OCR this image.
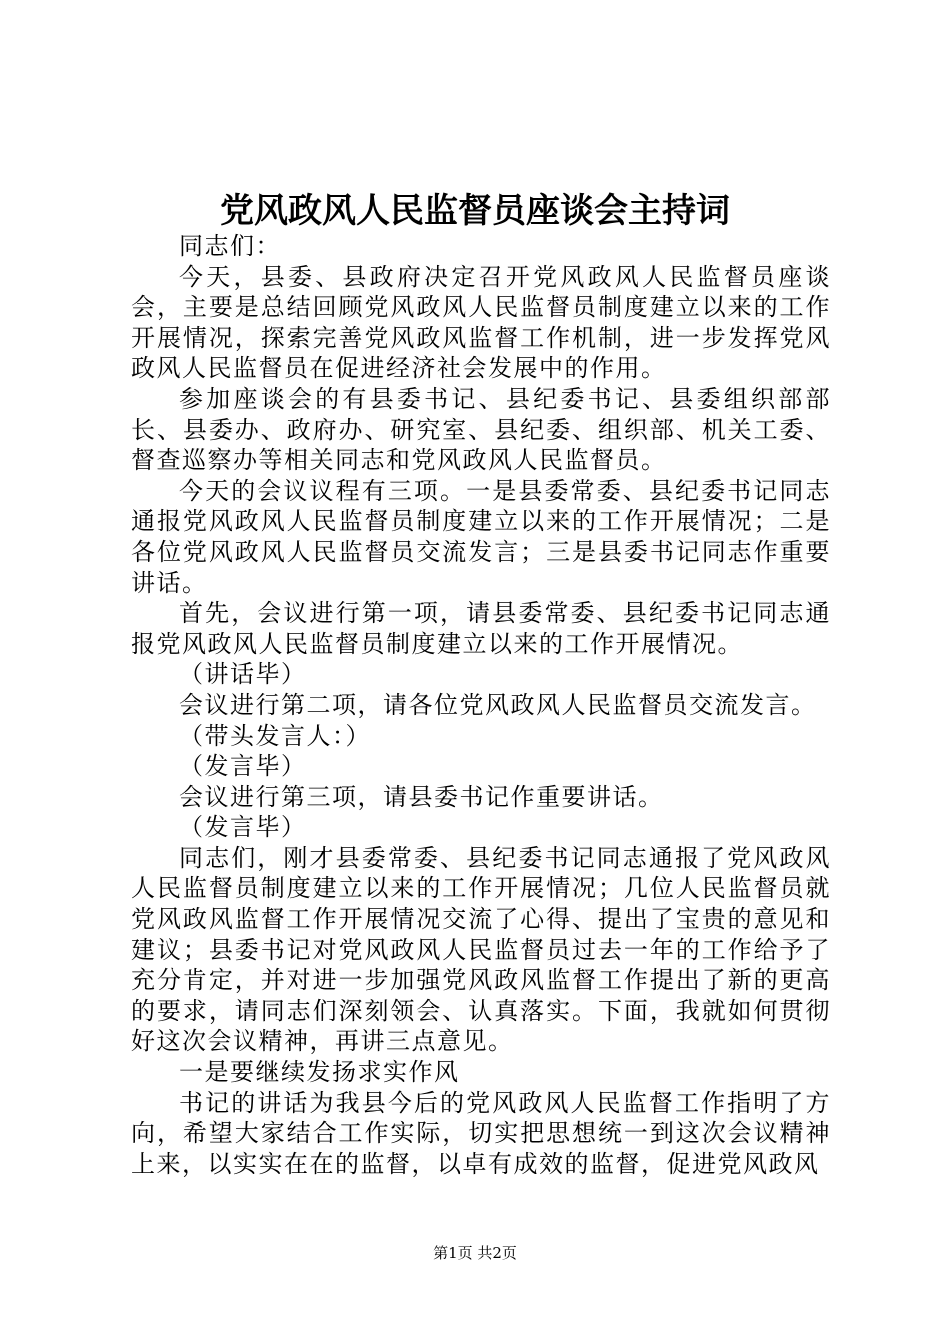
党风政风人民监督员座谈会主持词

同志们：

今天，县委、县政府决定召开党风政风人民监督员座谈会，主要是总结回顾党风政风人民监督员制度建立以来的工作开展情况，探索完善党风政风监督工作机制，进一步发挥党风政风人民监督员在促进经济社会发展中的作用。

参加座谈会的有县委书记、县纪委书记、县委组织部部长、县委办、政府办、研究室、县纪委、组织部、机关工委、督查巡察办等相关同志和党风政风人民监督员。

今天的会议议程有三项。一是县委常委、县纪委书记同志通报党风政风人民监督员制度建立以来的工作开展情况；二是各位党风政风人民监督员交流发言；三是县委书记同志作重要讲话。

首先，会议进行第一项，请县委常委、县纪委书记同志通报党风政风人民监督员制度建立以来的工作开展情况。

（讲话毕）

会议进行第二项，请各位党风政风人民监督员交流发言。

（带头发言人：）

（发言毕）

会议进行第三项，请县委书记作重要讲话。

（发言毕）

同志们，刚才县委常委、县纪委书记同志通报了党风政风人民监督员制度建立以来的工作开展情况；几位人民监督员就党风政风监督工作开展情况交流了心得、提出了宝贵的意见和建议；县委书记对党风政风人民监督员过去一年的工作给予了充分肯定，并对进一步加强党风政风监督工作提出了新的更高的要求，请同志们深刻领会、认真落实。下面，我就如何贯彻好这次会议精神，再讲三点意见。

一是要继续发扬求实作风

书记的讲话为我县今后的党风政风人民监督工作指明了方向，希望大家结合工作实际，切实把思想统一到这次会议精神上来，以实实在在的监督，以卓有成效的监督，促进党风政风

第1页 共2页
